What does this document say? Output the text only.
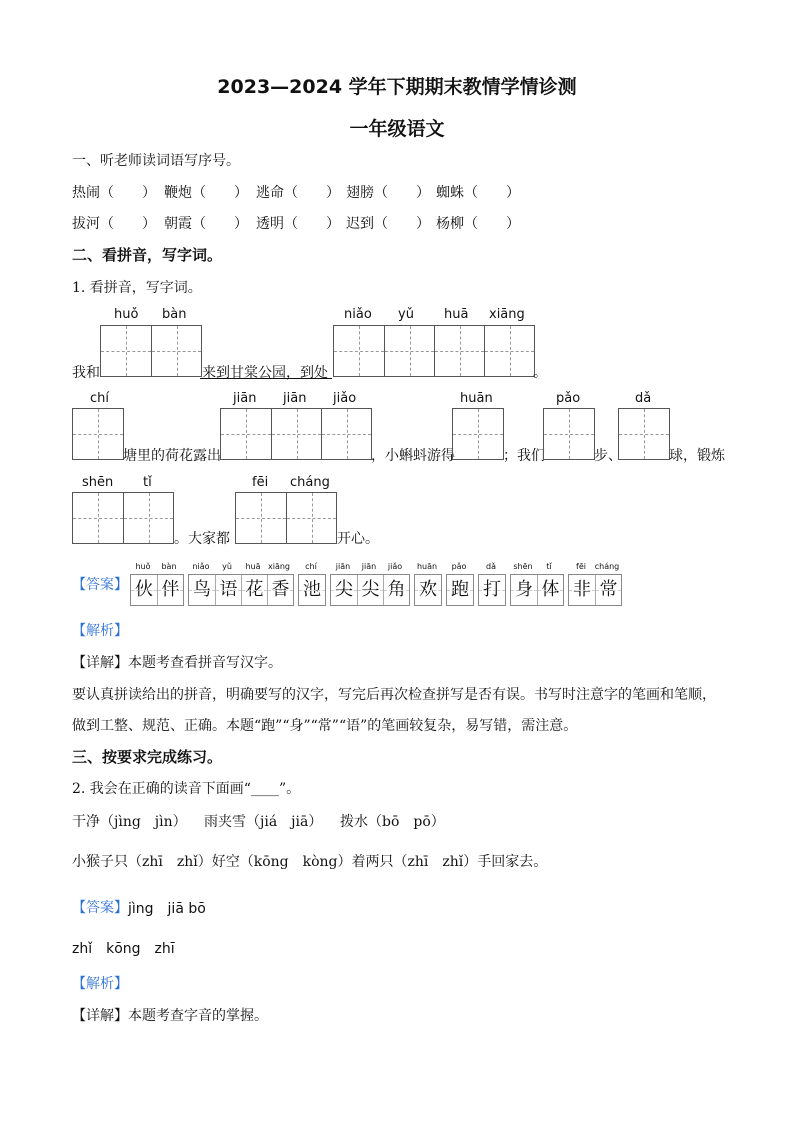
2023—2024 学年下期期末教情学情诊测
一年级语文
一、听老师读词语写序号。
热闹（　　） 鞭炮（　　） 逃命（　　） 翅膀（　　） 蜘蛛（　　）
拔河（　　） 朝霞（　　） 透明（　　） 迟到（　　） 杨柳（　　）
二、看拼音，写字词。
1. 看拼音，写字词。
huǒ bàn
我和	来到甘棠公园，到处
niǎo yǔ huā xiāng
。
chí
塘里的荷花露出
jiān jiān jiǎo
，小蝌蚪游得
huān
；我们
pǎo
步、
dǎ
球，锻炼
shēn tǐ
。大家都
fēi cháng
开心。
【答案】
huǒ	bàn
伙 伴
niǎo	yǔ	huā xiāng
鸟 语 花 香
chí
池
jiān	jiān	jiǎo
尖 尖 角
huān
欢
pǎo
跑
dǎ
打
shēn	tǐ
身 体
fēi	cháng
非 常
【解析】
【详解】本题考查看拼音写汉字。
要认真拼读给出的拼音，明确要写的汉字，写完后再次检查拼写是否有误。书写时注意字的笔画和笔顺，
做到工整、规范、正确。本题“跑”“身”“常”“语”的笔画较复杂，易写错，需注意。
三、按要求完成练习。
2. 我会在正确的读音下面画“____”。
干净（jìng　jìn） 雨夹雪（jiá　jiā） 拨水（bō　pō）
小猴子只（zhī　zhǐ）好空（kōng　kòng）着两只（zhī　zhǐ）手回家去。
【答案】 jìng　jiā bō
zhǐ　kōng　zhī
【解析】
【详解】本题考查字音的掌握。
